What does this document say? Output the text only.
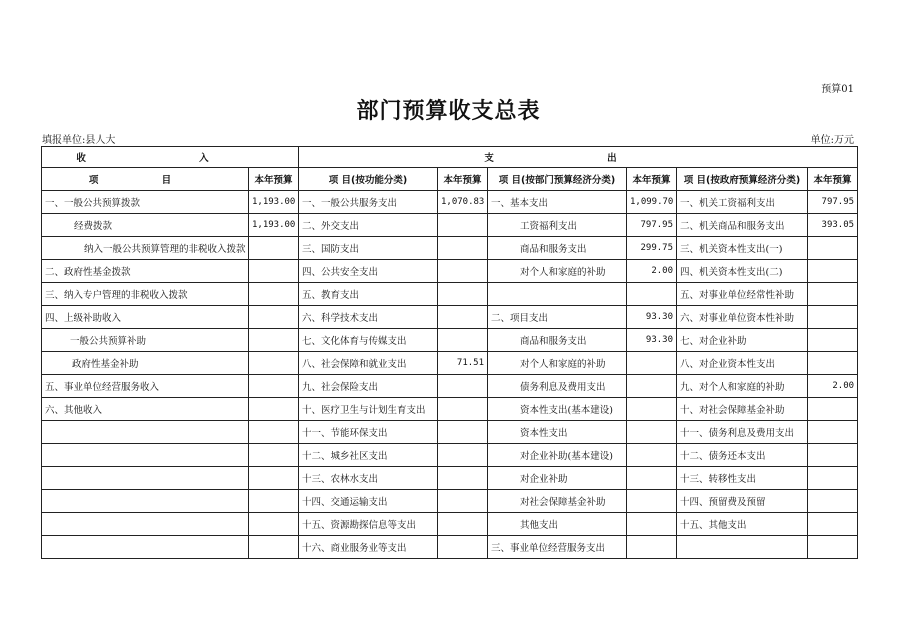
预算01
部门预算收支总表
填报单位:县人大	单位:万元
收 入		支 出					
项 目	本年预算	项 目(按功能分类)	本年预算	项 目(按部门预算经济分类)	本年预算	项 目(按政府预算经济分类)	本年预算
一、一般公共预算拨款	1,193.00	一、一般公共服务支出	1,070.83	一、基本支出	1,099.70	一、机关工资福利支出	797.95
经费拨款	1,193.00	二、外交支出		工资福利支出	797.95	二、机关商品和服务支出	393.05
纳入一般公共预算管理的非税收入拨款		三、国防支出		商品和服务支出	299.75	三、机关资本性支出(一)	
二、政府性基金拨款		四、公共安全支出		对个人和家庭的补助	2.00	四、机关资本性支出(二)	
三、纳入专户管理的非税收入拨款		五、教育支出				五、对事业单位经常性补助	
四、上级补助收入		六、科学技术支出		二、项目支出	93.30	六、对事业单位资本性补助	
一般公共预算补助		七、文化体育与传媒支出		商品和服务支出	93.30	七、对企业补助	
政府性基金补助		八、社会保障和就业支出	71.51	对个人和家庭的补助		八、对企业资本性支出	
五、事业单位经营服务收入		九、社会保险支出		债务利息及费用支出		九、对个人和家庭的补助	2.00
六、其他收入		十、医疗卫生与计划生育支出		资本性支出(基本建设)		十、对社会保障基金补助	
		十一、节能环保支出		资本性支出		十一、债务利息及费用支出	
		十二、城乡社区支出		对企业补助(基本建设)		十二、债务还本支出	
		十三、农林水支出		对企业补助		十三、转移性支出	
		十四、交通运输支出		对社会保障基金补助		十四、预留费及预留	
		十五、资源勘探信息等支出		其他支出		十五、其他支出	
		十六、商业服务业等支出		三、事业单位经营服务支出			
